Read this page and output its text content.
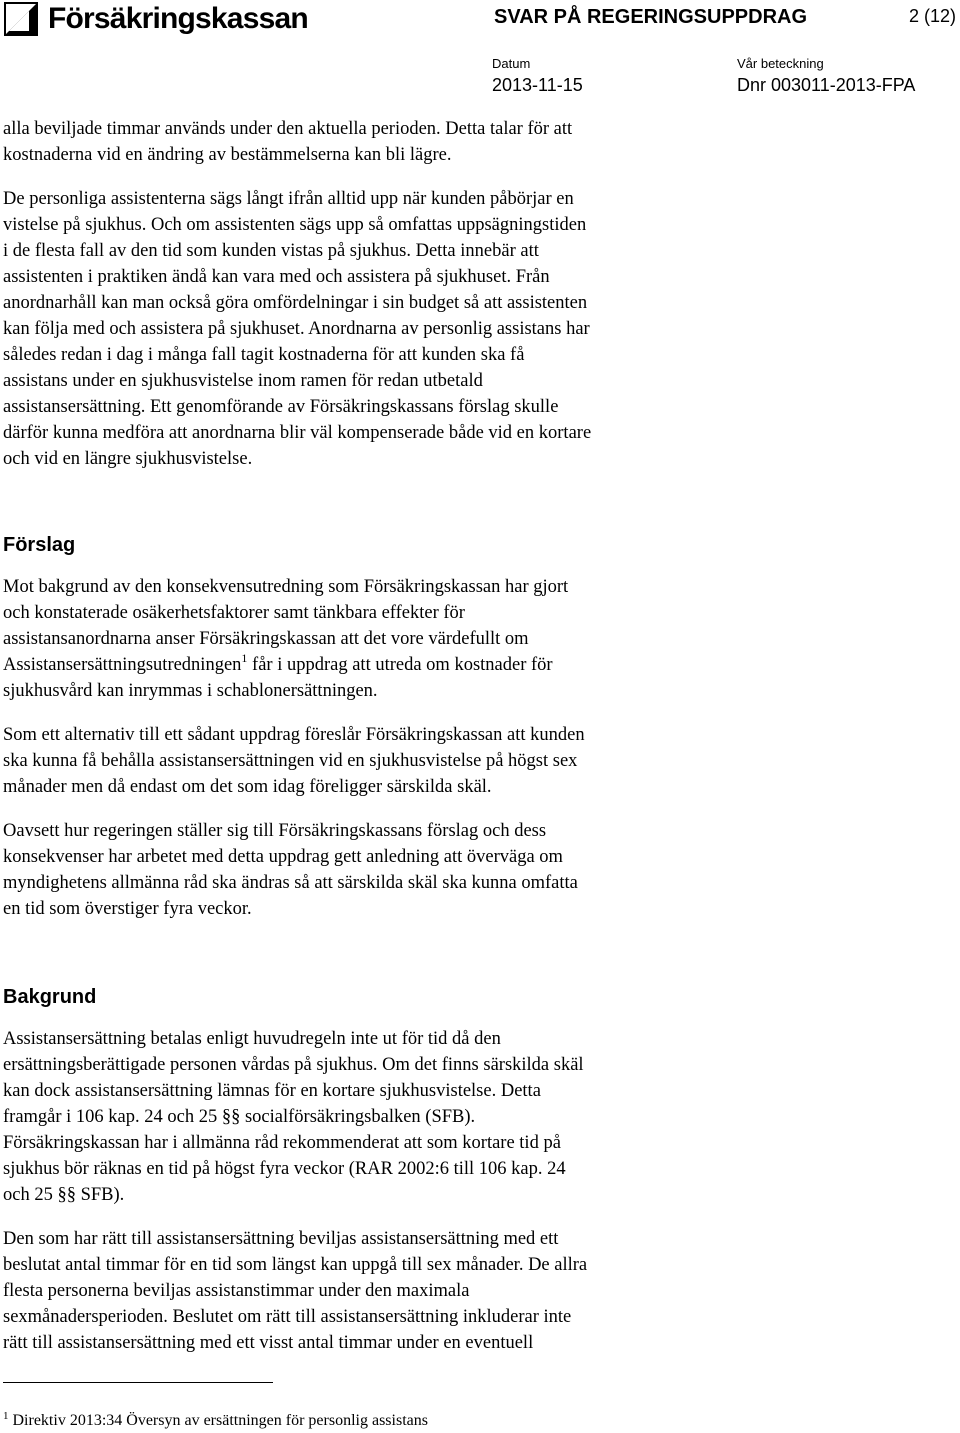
Försäkringskassan	SVAR PÅ REGERINGSUPPDRAG	2 (12)
Datum
2013-11-15
Vår beteckning
Dnr 003011-2013-FPA

alla beviljade timmar används under den aktuella perioden. Detta talar för att

kostnaderna vid en ändring av bestämmelserna kan bli lägre.

De personliga assistenterna sägs långt ifrån alltid upp när kunden påbörjar en

vistelse på sjukhus. Och om assistenten sägs upp så omfattas uppsägningstiden

i de flesta fall av den tid som kunden vistas på sjukhus. Detta innebär att

assistenten i praktiken ändå kan vara med och assistera på sjukhuset. Från

anordnarhåll kan man också göra omfördelningar i sin budget så att assistenten

kan följa med och assistera på sjukhuset. Anordnarna av personlig assistans har

således redan i dag i många fall tagit kostnaderna för att kunden ska få

assistans under en sjukhusvistelse inom ramen för redan utbetald

assistansersättning. Ett genomförande av Försäkringskassans förslag skulle

därför kunna medföra att anordnarna blir väl kompenserade både vid en kortare

och vid en längre sjukhusvistelse.

Förslag

Mot bakgrund av den konsekvensutredning som Försäkringskassan har gjort

och konstaterade osäkerhetsfaktorer samt tänkbara effekter för

assistansanordnarna anser Försäkringskassan att det vore värdefullt om

Assistansersättningsutredningen$^1$ får i uppdrag att utreda om kostnader för

sjukhusvård kan inrymmas i schablonersättningen.

Som ett alternativ till ett sådant uppdrag föreslår Försäkringskassan att kunden

ska kunna få behålla assistansersättningen vid en sjukhusvistelse på högst sex

månader men då endast om det som idag föreligger särskilda skäl.

Oavsett hur regeringen ställer sig till Försäkringskassans förslag och dess

konsekvenser har arbetet med detta uppdrag gett anledning att överväga om

myndighetens allmänna råd ska ändras så att särskilda skäl ska kunna omfatta

en tid som överstiger fyra veckor.

Bakgrund

Assistansersättning betalas enligt huvudregeln inte ut för tid då den

ersättningsberättigade personen vårdas på sjukhus. Om det finns särskilda skäl

kan dock assistansersättning lämnas för en kortare sjukhusvistelse. Detta

framgår i 106 kap. 24 och 25 §§ socialförsäkringsbalken (SFB).

Försäkringskassan har i allmänna råd rekommenderat att som kortare tid på

sjukhus bör räknas en tid på högst fyra veckor (RAR 2002:6 till 106 kap. 24

och 25 §§ SFB).

Den som har rätt till assistansersättning beviljas assistansersättning med ett

beslutat antal timmar för en tid som längst kan uppgå till sex månader. De allra

flesta personerna beviljas assistanstimmar under den maximala

sexmånadersperioden. Beslutet om rätt till assistansersättning inkluderar inte

rätt till assistansersättning med ett visst antal timmar under en eventuell

$^1$ Direktiv 2013:34 Översyn av ersättningen för personlig assistans
